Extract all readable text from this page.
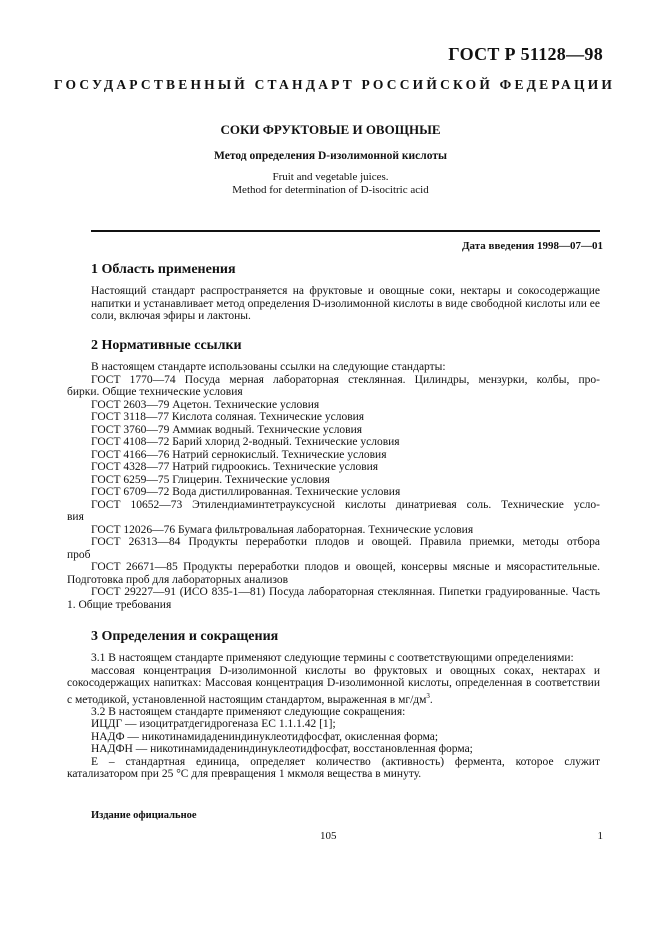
ГОСТ Р 51128—98
ГОСУДАРСТВЕННЫЙ СТАНДАРТ РОССИЙСКОЙ ФЕДЕРАЦИИ
СОКИ ФРУКТОВЫЕ И ОВОЩНЫЕ
Метод определения D-изолимонной кислоты
Fruit and vegetable juices.
Method for determination of D-isocitric acid
Дата введения 1998—07—01
1 Область применения
Настоящий стандарт распространяется на фруктовые и овощные соки, нектары и сокосодержащие напитки и устанавливает метод определения D-изолимонной кислоты в виде свободной кислоты или ее соли, включая эфиры и лактоны.
2 Нормативные ссылки
В настоящем стандарте использованы ссылки на следующие стандарты:
ГОСТ 1770—74 Посуда мерная лабораторная стеклянная. Цилиндры, мензурки, колбы, про-
бирки. Общие технические условия
ГОСТ 2603—79 Ацетон. Технические условия
ГОСТ 3118—77 Кислота соляная. Технические условия
ГОСТ 3760—79 Аммиак водный. Технические условия
ГОСТ 4108—72 Барий хлорид 2-водный. Технические условия
ГОСТ 4166—76 Натрий сернокислый. Технические условия
ГОСТ 4328—77 Натрий гидроокись. Технические условия
ГОСТ 6259—75 Глицерин. Технические условия
ГОСТ 6709—72 Вода дистиллированная. Технические условия
ГОСТ 10652—73 Этилендиаминтетрауксусной кислоты динатриевая соль. Технические усло-
вия
ГОСТ 12026—76 Бумага фильтровальная лабораторная. Технические условия
ГОСТ 26313—84 Продукты переработки плодов и овощей. Правила приемки, методы отбора
проб
ГОСТ 26671—85 Продукты переработки плодов и овощей, консервы мясные и мясорастительные. Подготовка проб для лабораторных анализов
ГОСТ 29227—91 (ИСО 835-1—81) Посуда лабораторная стеклянная. Пипетки градуированные. Часть 1. Общие требования
3 Определения и сокращения
3.1 В настоящем стандарте применяют следующие термины с соответствующими определениями:
массовая концентрация D-изолимонной кислоты во фруктовых и овощных соках, нектарах и сокосодержащих напитках: Массовая концентрация D-изолимонной кислоты, определенная в соответствии с методикой, установленной настоящим стандартом, выраженная в $мг/дм^3$.
3.2 В настоящем стандарте применяют следующие сокращения:
ИЦДГ — изоцитратдегидрогеназа ЕС 1.1.1.42 [1];
НАДФ — никотинамидадениндинуклеотидфосфат, окисленная форма;
НАДФН — никотинамидадениндинуклеотидфосфат, восстановленная форма;
Е – стандартная единица, определяет количество (активность) фермента, которое служит катализатором при 25 °С для превращения 1 мкмоля вещества в минуту.
Издание официальное
105	1
